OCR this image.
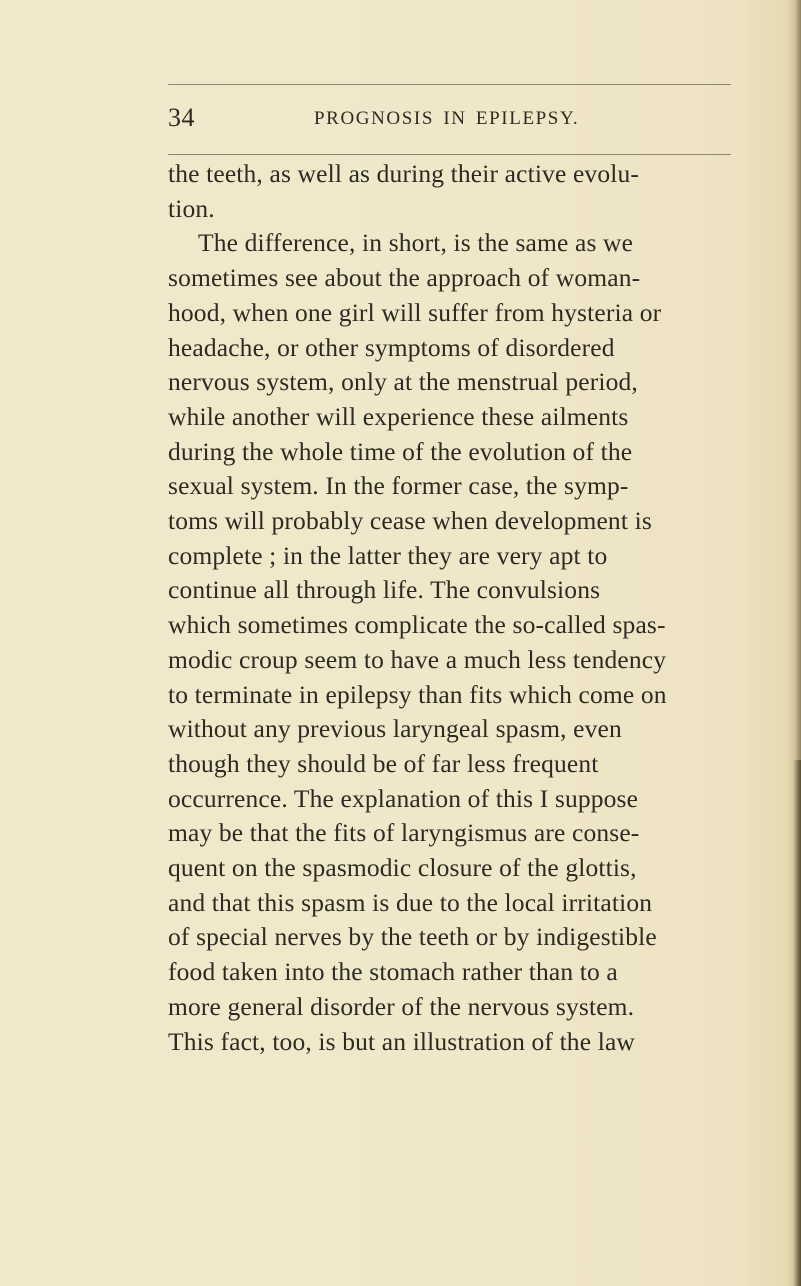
34	PROGNOSIS IN EPILEPSY.
the teeth, as well as during their active evolu-
tion.
The difference, in short, is the same as we
sometimes see about the approach of woman-
hood, when one girl will suffer from hysteria or
headache, or other symptoms of disordered
nervous system, only at the menstrual period,
while another will experience these ailments
during the whole time of the evolution of the
sexual system. In the former case, the symp-
toms will probably cease when development is
complete ; in the latter they are very apt to
continue all through life. The convulsions
which sometimes complicate the so-called spas-
modic croup seem to have a much less tendency
to terminate in epilepsy than fits which come on
without any previous laryngeal spasm, even
though they should be of far less frequent
occurrence. The explanation of this I suppose
may be that the fits of laryngismus are conse-
quent on the spasmodic closure of the glottis,
and that this spasm is due to the local irritation
of special nerves by the teeth or by indigestible
food taken into the stomach rather than to a
more general disorder of the nervous system.
This fact, too, is but an illustration of the law
